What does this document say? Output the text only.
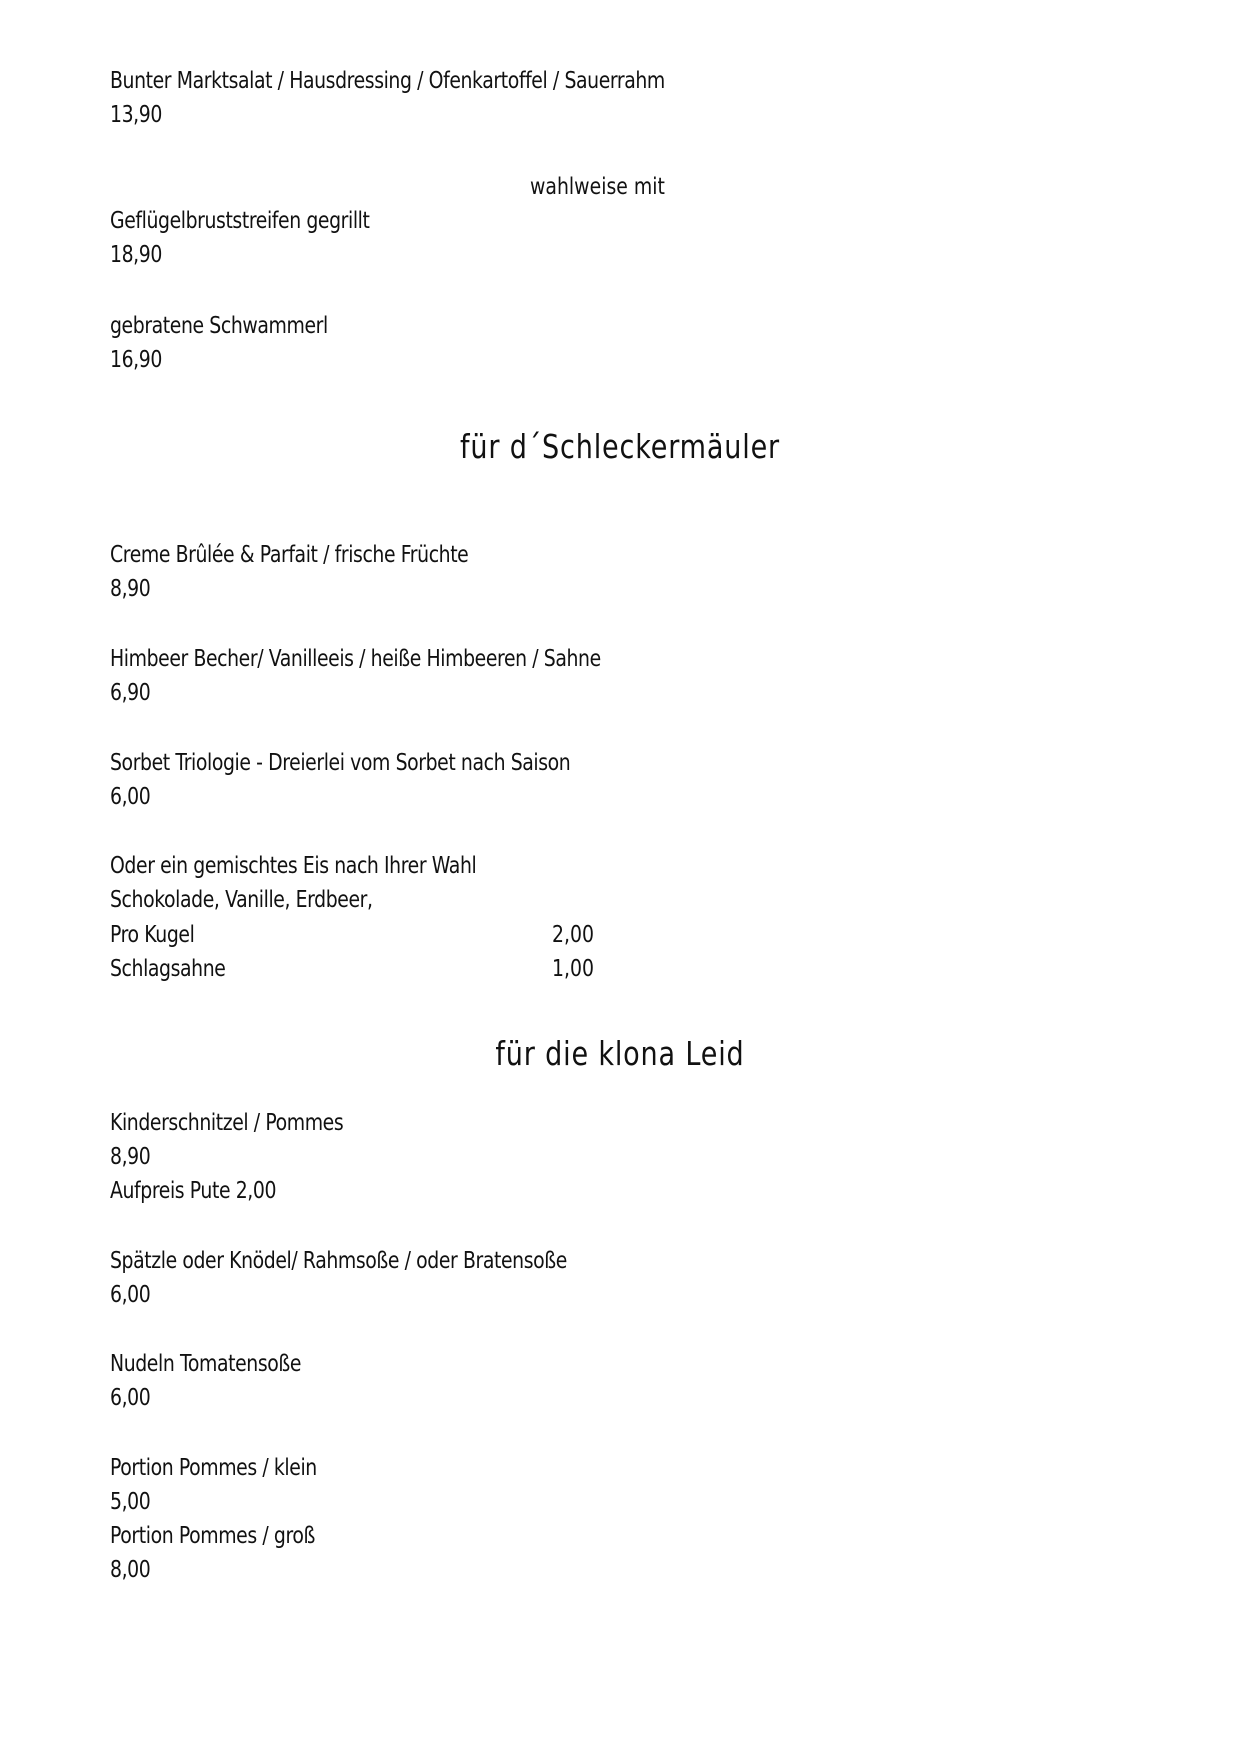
Bunter Marktsalat / Hausdressing / Ofenkartoffel / Sauerrahm
13,90
wahlweise mit
Geflügelbruststreifen gegrillt
18,90
gebratene Schwammerl
16,90
für d´Schleckermäuler
Creme Brûlée & Parfait / frische Früchte
8,90
Himbeer Becher/ Vanilleeis / heiße Himbeeren / Sahne
6,90
Sorbet Triologie - Dreierlei vom Sorbet nach Saison
6,00
Oder ein gemischtes Eis nach Ihrer Wahl
Schokolade, Vanille, Erdbeer,
Pro Kugel	2,00
Schlagsahne	1,00
für die klona Leid
Kinderschnitzel / Pommes
8,90
Aufpreis Pute 2,00
Spätzle oder Knödel/ Rahmsoße / oder Bratensoße
6,00
Nudeln Tomatensoße
6,00
Portion Pommes / klein
5,00
Portion Pommes / groß
8,00
